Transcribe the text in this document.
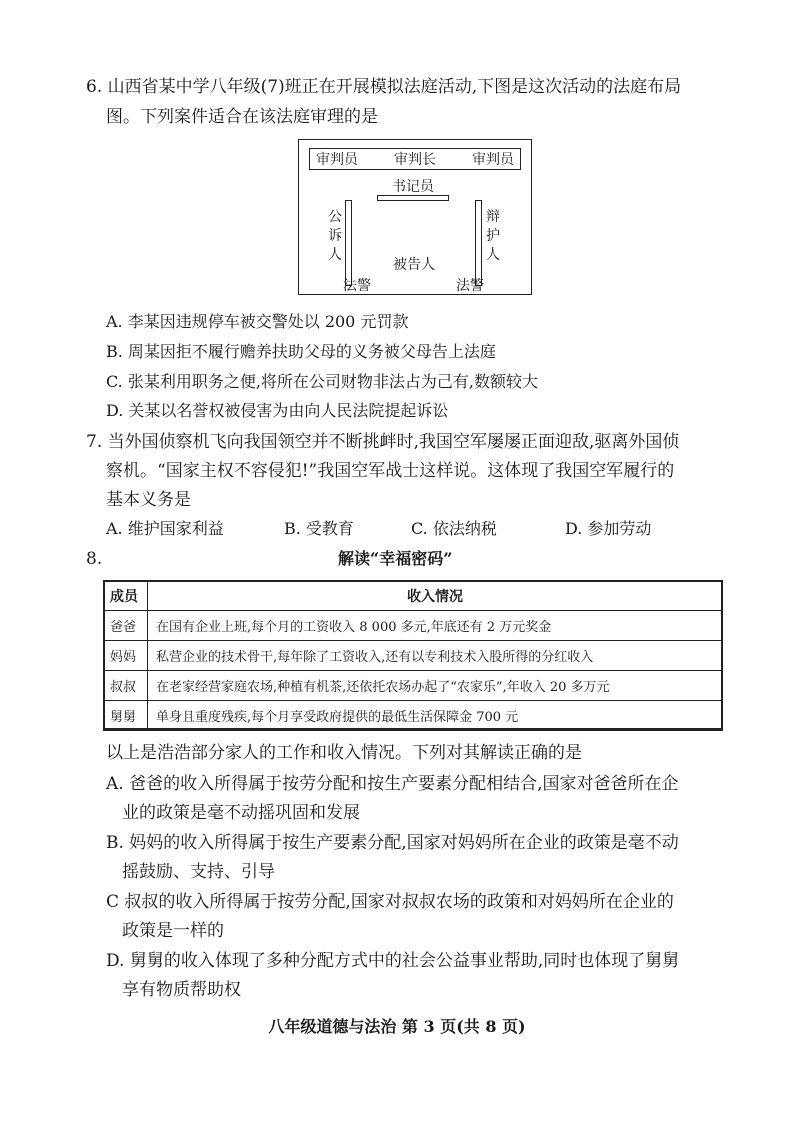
6. 山西省某中学八年级(7)班正在开展模拟法庭活动,下图是这次活动的法庭布局
图。下列案件适合在该法庭审理的是
审判员	审判长	审判员
书记员
公诉人
辩护人
被告人
法警	法警
A. 李某因违规停车被交警处以 200 元罚款
B. 周某因拒不履行赡养扶助父母的义务被父母告上法庭
C. 张某利用职务之便,将所在公司财物非法占为己有,数额较大
D. 关某以名誉权被侵害为由向人民法院提起诉讼
7. 当外国侦察机飞向我国领空并不断挑衅时,我国空军屡屡正面迎敌,驱离外国侦
察机。“国家主权不容侵犯!”我国空军战士这样说。这体现了我国空军履行的
基本义务是
A. 维护国家利益	B. 受教育	C. 依法纳税	D. 参加劳动
8.	解读“幸福密码”
成员	收入情况
爸爸	在国有企业上班,每个月的工资收入 8 000 多元,年底还有 2 万元奖金
妈妈	私营企业的技术骨干,每年除了工资收入,还有以专利技术入股所得的分红收入
叔叔	在老家经营家庭农场,种植有机茶,还依托农场办起了“农家乐”,年收入 20 多万元
舅舅	单身且重度残疾,每个月享受政府提供的最低生活保障金 700 元
以上是浩浩部分家人的工作和收入情况。下列对其解读正确的是
A. 爸爸的收入所得属于按劳分配和按生产要素分配相结合,国家对爸爸所在企
业的政策是毫不动摇巩固和发展
B. 妈妈的收入所得属于按生产要素分配,国家对妈妈所在企业的政策是毫不动
摇鼓励、支持、引导
C 叔叔的收入所得属于按劳分配,国家对叔叔农场的政策和对妈妈所在企业的
政策是一样的
D. 舅舅的收入体现了多种分配方式中的社会公益事业帮助,同时也体现了舅舅
享有物质帮助权
八年级道德与法治 第 3 页(共 8 页)
